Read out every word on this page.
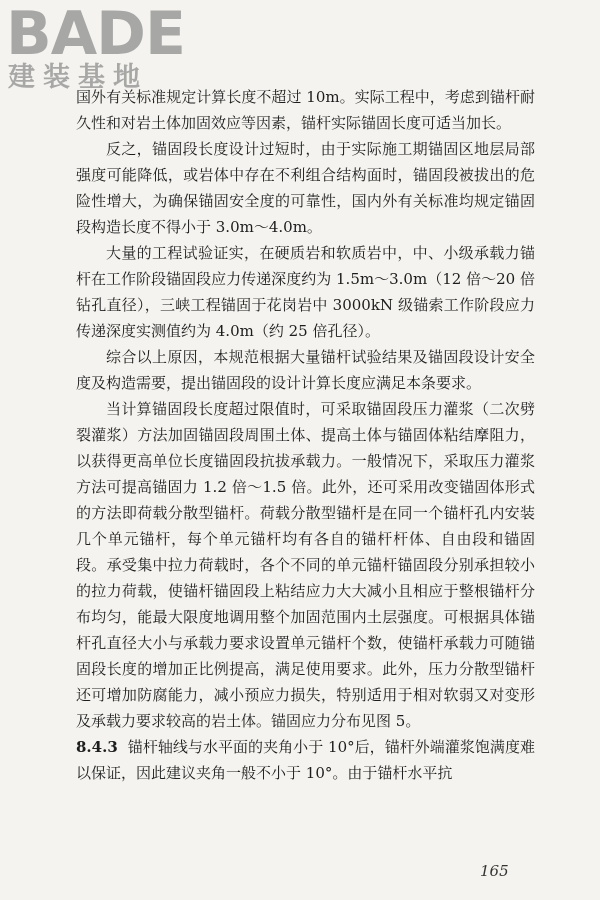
BADE
建装基地

国外有关标准规定计算长度不超过 10m。实际工程中，考虑到锚杆耐久性和对岩土体加固效应等因素，锚杆实际锚固长度可适当加长。

反之，锚固段长度设计过短时，由于实际施工期锚固区地层局部强度可能降低，或岩体中存在不利组合结构面时，锚固段被拔出的危险性增大，为确保锚固安全度的可靠性，国内外有关标准均规定锚固段构造长度不得小于 3.0m～4.0m。

大量的工程试验证实，在硬质岩和软质岩中，中、小级承载力锚杆在工作阶段锚固段应力传递深度约为 1.5m～3.0m（12 倍～20 倍钻孔直径），三峡工程锚固于花岗岩中 3000kN 级锚索工作阶段应力传递深度实测值约为 4.0m（约 25 倍孔径）。

综合以上原因，本规范根据大量锚杆试验结果及锚固段设计安全度及构造需要，提出锚固段的设计计算长度应满足本条要求。

当计算锚固段长度超过限值时，可采取锚固段压力灌浆（二次劈裂灌浆）方法加固锚固段周围土体、提高土体与锚固体粘结摩阻力，以获得更高单位长度锚固段抗拔承载力。一般情况下，采取压力灌浆方法可提高锚固力 1.2 倍～1.5 倍。此外，还可采用改变锚固体形式的方法即荷载分散型锚杆。荷载分散型锚杆是在同一个锚杆孔内安装几个单元锚杆，每个单元锚杆均有各自的锚杆杆体、自由段和锚固段。承受集中拉力荷载时，各个不同的单元锚杆锚固段分别承担较小的拉力荷载，使锚杆锚固段上粘结应力大大减小且相应于整根锚杆分布均匀，能最大限度地调用整个加固范围内土层强度。可根据具体锚杆孔直径大小与承载力要求设置单元锚杆个数，使锚杆承载力可随锚固段长度的增加正比例提高，满足使用要求。此外，压力分散型锚杆还可增加防腐能力，减小预应力损失，特别适用于相对软弱又对变形及承载力要求较高的岩土体。锚固应力分布见图 5。

8.4.3 锚杆轴线与水平面的夹角小于 10°后，锚杆外端灌浆饱满度难以保证，因此建议夹角一般不小于 10°。由于锚杆水平抗

165
